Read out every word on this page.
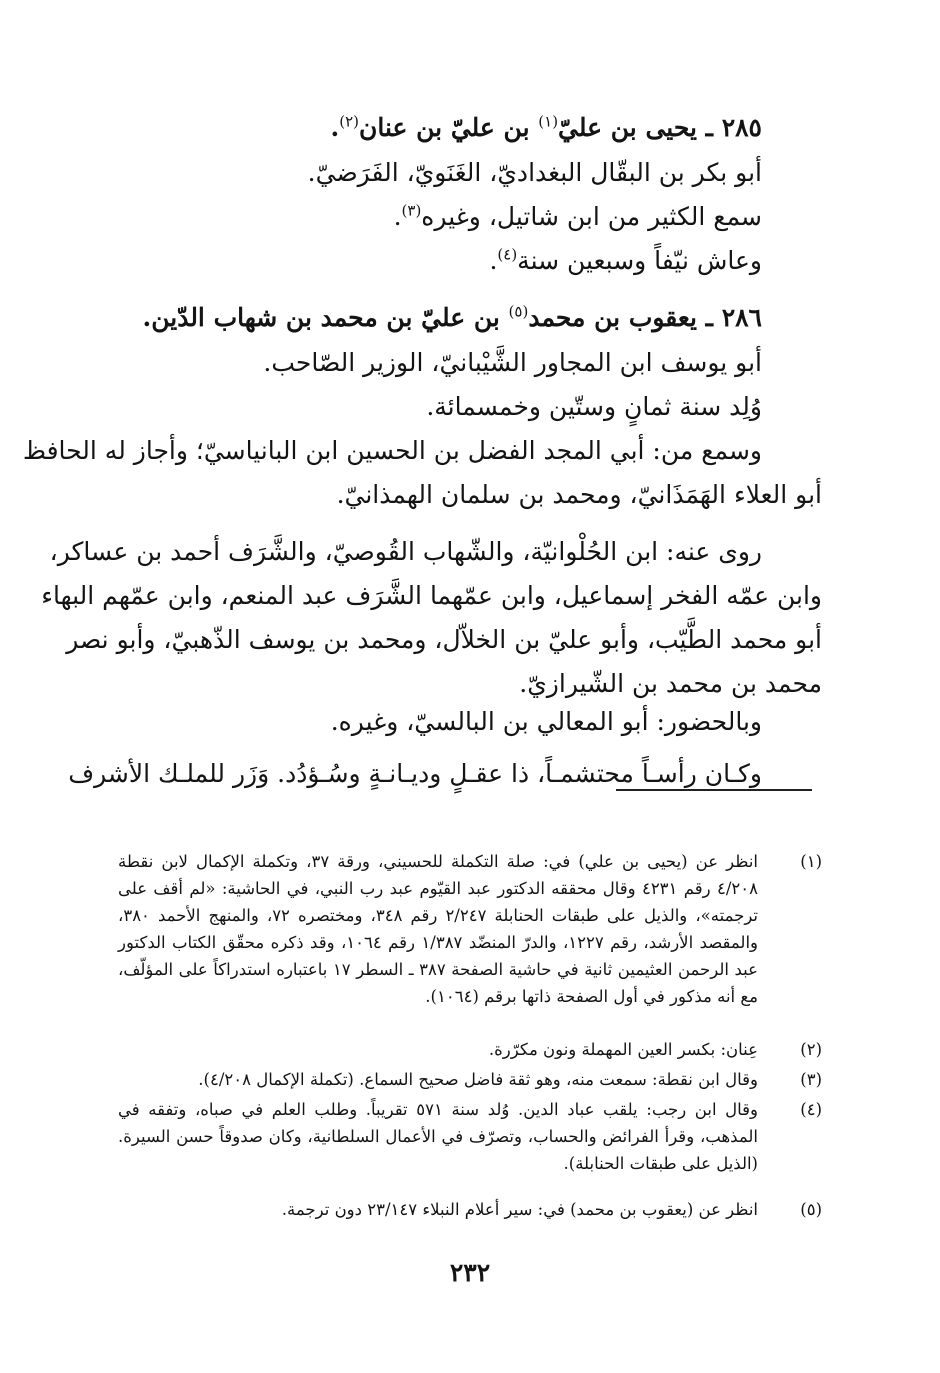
٢٨٥ ـ يحيى بن عليّ$^{(١)}$ بن عليّ بن عنان$^{(٢)}$.
أبو بكر بن البقّال البغداديّ، الغَنَويّ، الفَرَضيّ.
سمع الكثير من ابن شاتيل، وغيره$^{(٣)}$.
وعاش نيّفاً وسبعين سنة$^{(٤)}$.
٢٨٦ ـ يعقوب بن محمد$^{(٥)}$ بن عليّ بن محمد بن شهاب الدّين.
أبو يوسف ابن المجاور الشَّيْبانيّ، الوزير الصّاحب.
وُلِد سنة ثمانٍ وستّين وخمسمائة.
وسمع من: أبي المجد الفضل بن الحسين ابن البانياسيّ؛ وأجاز له الحافظ
أبو العلاء الهَمَذَانيّ، ومحمد بن سلمان الهمذانيّ.
روى عنه: ابن الحُلْوانيّة، والشّهاب القُوصيّ، والشَّرَف أحمد بن عساكر،
وابن عمّه الفخر إسماعيل، وابن عمّهما الشَّرَف عبد المنعم، وابن عمّهم البهاء
أبو محمد الطَّيّب، وأبو عليّ بن الخلاّل، ومحمد بن يوسف الذّهبيّ، وأبو نصر
محمد بن محمد بن الشّيرازيّ.
وبالحضور: أبو المعالي بن البالسيّ، وغيره.
وكـان رأسـاً محتشمـاً، ذا عقـلٍ وديـانـةٍ وسُـؤدُد. وَزَر للملـك الأشرف
(١)
انظر عن (يحيى بن علي) في: صلة التكملة للحسيني، ورقة ٣٧، وتكملة الإكمال لابن نقطة ٤/٢٠٨ رقم ٤٢٣١ وقال محققه الدكتور عبد القيّوم عبد رب النبي، في الحاشية: «لم أقف على ترجمته»، والذيل على طبقات الحنابلة ٢/٢٤٧ رقم ٣٤٨، ومختصره ٧٢، والمنهج الأحمد ٣٨٠، والمقصد الأرشد، رقم ١٢٢٧، والدرّ المنضّد ١/٣٨٧ رقم ١٠٦٤، وقد ذكره محقّق الكتاب الدكتور عبد الرحمن العثيمين ثانية في حاشية الصفحة ٣٨٧ ـ السطر ١٧ باعتباره استدراكاً على المؤلّف، مع أنه مذكور في أول الصفحة ذاتها برقم (١٠٦٤).
(٢)
عِنان: بكسر العين المهملة ونون مكرّرة.
(٣)
وقال ابن نقطة: سمعت منه، وهو ثقة فاضل صحيح السماع. (تكملة الإكمال ٤/٢٠٨).
(٤)
وقال ابن رجب: يلقب عباد الدين. وُلد سنة ٥٧١ تقريباً. وطلب العلم في صباه، وتفقه في المذهب، وقرأ الفرائض والحساب، وتصرّف في الأعمال السلطانية، وكان صدوقاً حسن السيرة. (الذيل على طبقات الحنابلة).
(٥)
انظر عن (يعقوب بن محمد) في: سير أعلام النبلاء ٢٣/١٤٧ دون ترجمة.
٢٣٢
